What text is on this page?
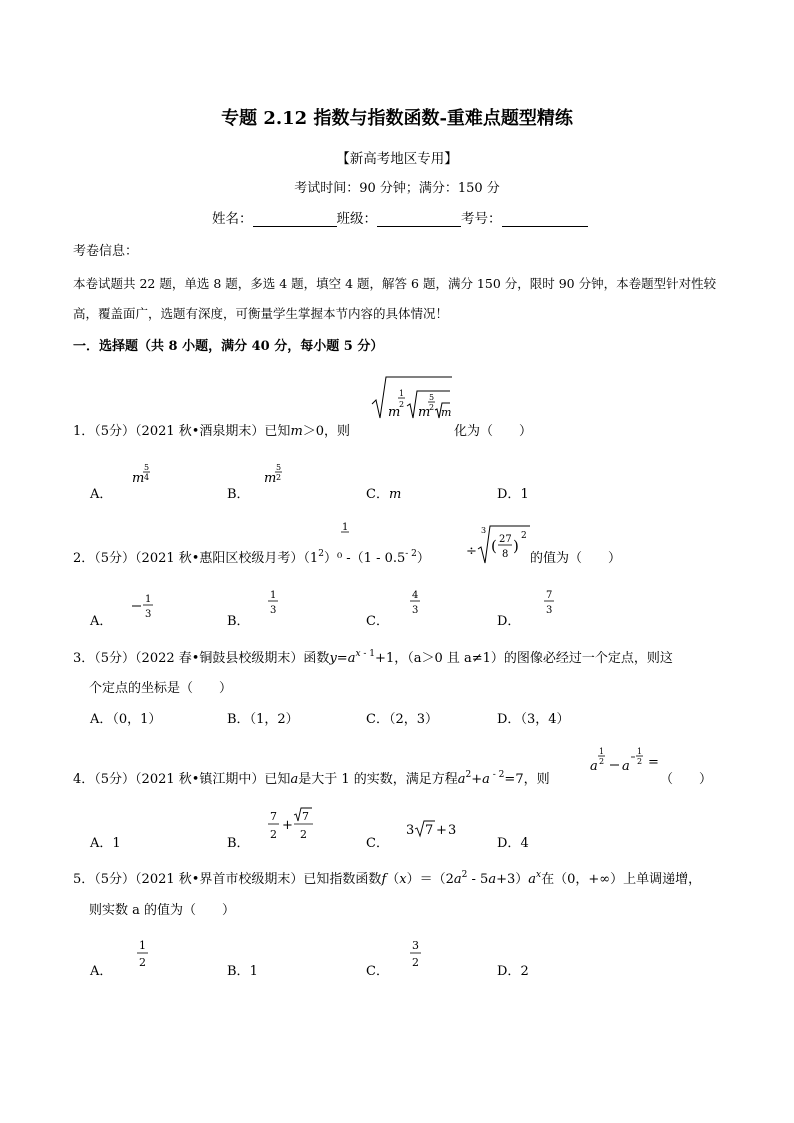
专题 2.12 指数与指数函数-重难点题型精练
【新高考地区专用】
考试时间：90 分钟；满分：150 分
姓名：	班级：	考号：
考卷信息：
本卷试题共 22 题，单选 8 题，多选 4 题，填空 4 题，解答 6 题，满分 150 分，限时 90 分钟，本卷题型针对性较
高，覆盖面广，选题有深度，可衡量学生掌握本节内容的具体情况！
一．选择题（共 8 小题，满分 40 分，每小题 5 分）
1．（5分）（2021 秋•酒泉期末）已知m＞0，则
m
1
2
m
5
2 m
化为（　　）
A．
m
5
4
B．
m
5
2
C．m	D．1
2．（5分）（2021 秋•惠阳区校级月考）$(1^2)^0$ $-(1 - 0.5^{- 2})$
1
÷
3
( 27
8 )
2
的值为（　　）
A．
1
3	B．
1
3
C．
4
3
D．
7
3
3．（5分）（2022 春•铜鼓县校级期末）函数$y=a^{x - 1}+1$，（a＞0 且 a≠1）的图像必经过一个定点，则这
个定点的坐标是（　　）
A．（0，1）	B．（1，2）	C．（2，3）	D．（3，4）
4．（5分）（2021 秋•镇江期中）已知a是大于 1 的实数，满足方程$a^2+a$ $^{- 2}$=7，则
a
1
2 a
1
2 =
（　　）
A．1	B．
7
2
+
7
2
C．
3 7 + 3
D．4
5．（5分）（2021 秋•界首市校级期末）已知指数函数$f(x)=(2a^2 - 5a+3)a^x$在（0，+∞）上单调递增，
则实数 a 的值为（　　）
A．
1
2
B．1	C．
3
2
D．2
